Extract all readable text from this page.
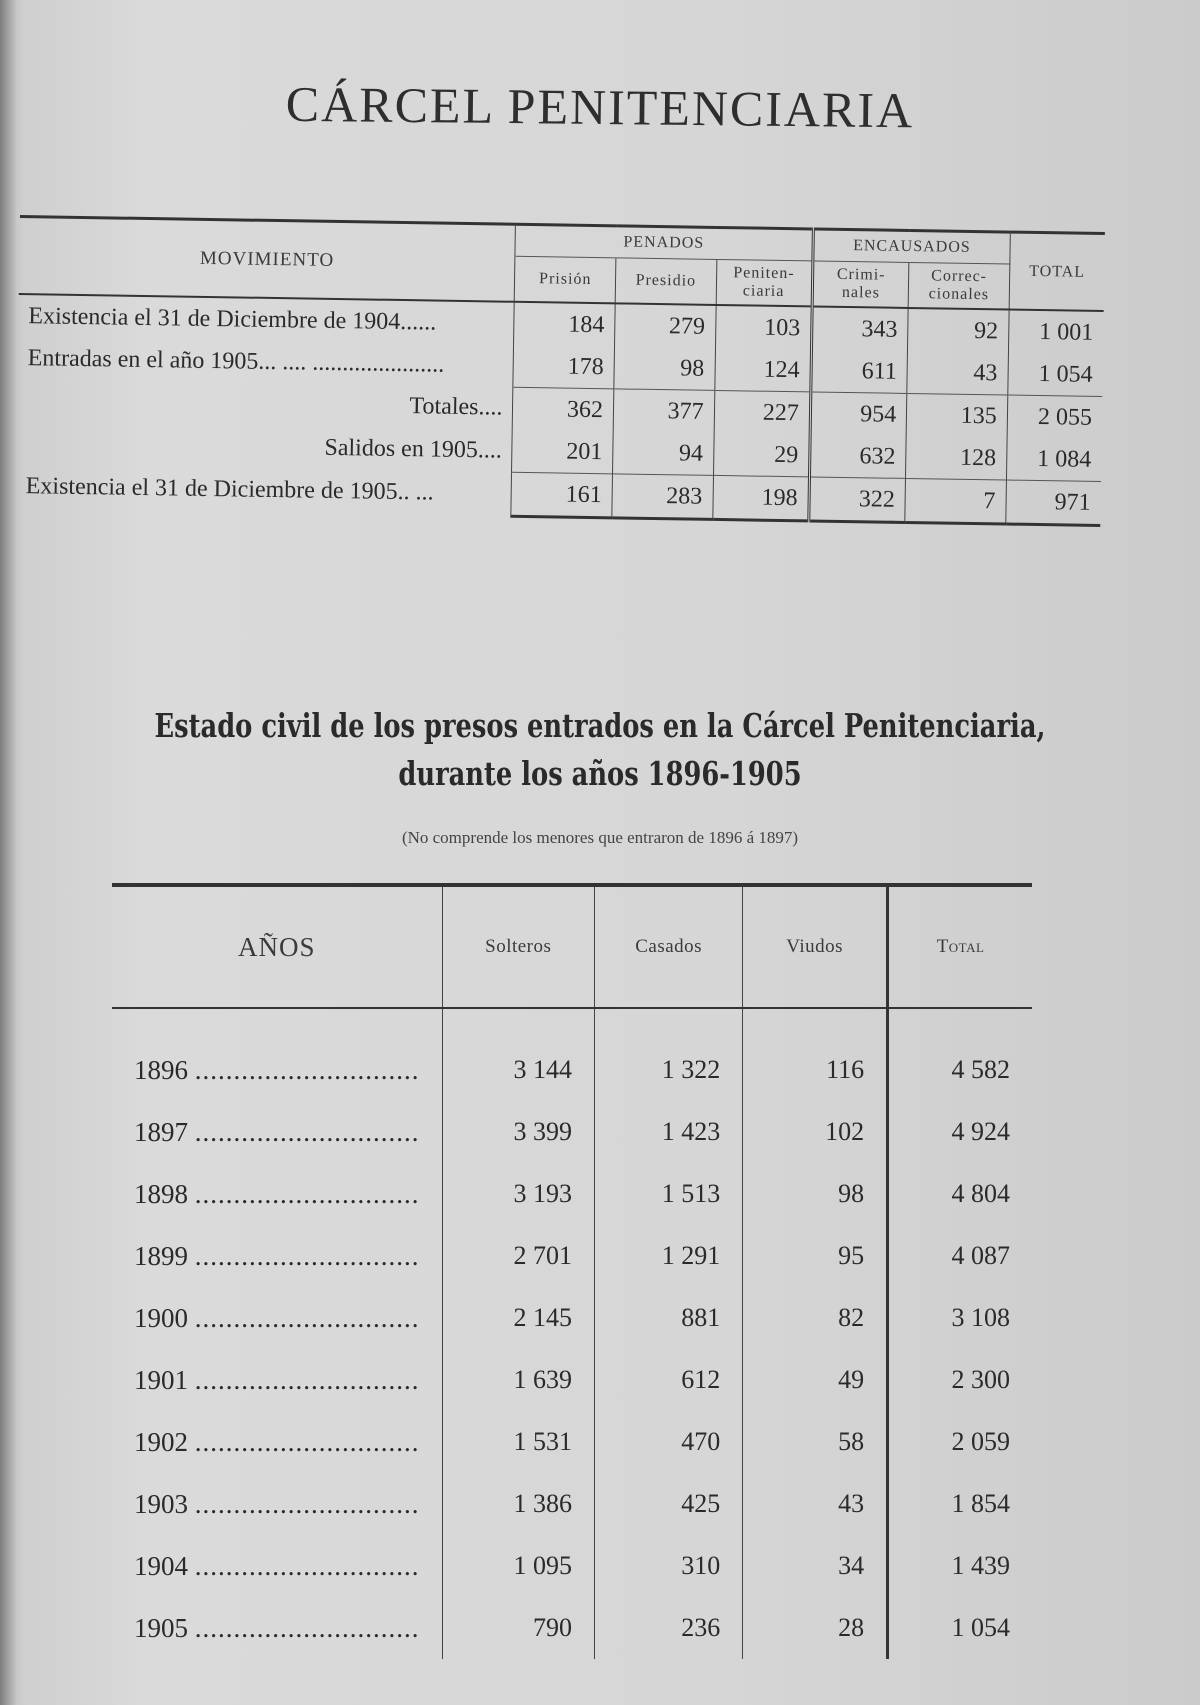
CÁRCEL PENITENCIARIA
MOVIMIENTO	PENADOS			ENCAUSADOS		TOTAL
	Prisión	Presidio	Peniten-ciaria	Crimi-nales	Correc-cionales	
Existencia el 31 de Diciembre de 1904......	184	279	103	343	92	1 001
Entradas en el año 1905... .... ......................	178	98	124	611	43	1 054
Totales....	362	377	227	954	135	2 055
Salidos en 1905....	201	94	29	632	128	1 084
Existencia el 31 de Diciembre de 1905.. ...	161	283	198	322	7	971
Estado civil de los presos entrados en la Cárcel Penitenciaria,
durante los años 1896-1905
(No comprende los menores que entraron de 1896 á 1897)
AÑOS	Solteros	Casados	Viudos	Total
1896 .............................	3 144	1 322	116	4 582
1897 .............................	3 399	1 423	102	4 924
1898 .............................	3 193	1 513	98	4 804
1899 .............................	2 701	1 291	95	4 087
1900 .............................	2 145	881	82	3 108
1901 .............................	1 639	612	49	2 300
1902 .............................	1 531	470	58	2 059
1903 .............................	1 386	425	43	1 854
1904 .............................	1 095	310	34	1 439
1905 .............................	790	236	28	1 054
